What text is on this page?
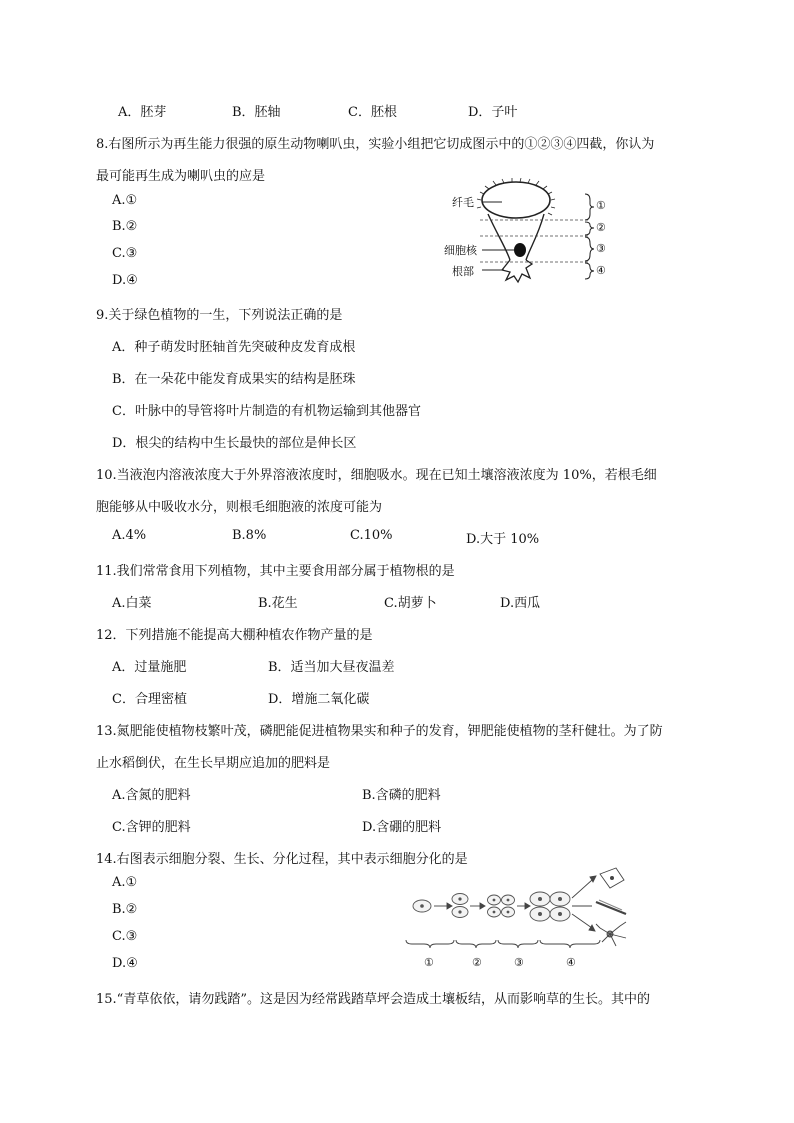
A．胚芽	B．胚轴	C．胚根	D．子叶
8.右图所示为再生能力很强的原生动物喇叭虫，实验小组把它切成图示中的①②③④四截，你认为
最可能再生成为喇叭虫的应是
A.①
B.②
C.③
D.④
纤毛
细胞核
根部
①
②
③
④
9.关于绿色植物的一生，下列说法正确的是
A．种子萌发时胚轴首先突破种皮发育成根
B．在一朵花中能发育成果实的结构是胚珠
C．叶脉中的导管将叶片制造的有机物运输到其他器官
D．根尖的结构中生长最快的部位是伸长区
10.当液泡内溶液浓度大于外界溶液浓度时，细胞吸水。现在已知土壤溶液浓度为 10%，若根毛细
胞能够从中吸收水分，则根毛细胞液的浓度可能为
A.4%	B.8%	C.10%	D.大于 10%
11.我们常常食用下列植物，其中主要食用部分属于植物根的是
A.白菜	B.花生	C.胡萝卜	D.西瓜
12．下列措施不能提高大棚种植农作物产量的是
A．过量施肥	B．适当加大昼夜温差
C．合理密植	D．增施二氧化碳
13.氮肥能使植物枝繁叶茂，磷肥能促进植物果实和种子的发育，钾肥能使植物的茎秆健壮。为了防
止水稻倒伏，在生长早期应追加的肥料是
A.含氮的肥料	B.含磷的肥料
C.含钾的肥料	D.含硼的肥料
14.右图表示细胞分裂、生长、分化过程，其中表示细胞分化的是
A.①
B.②
C.③
D.④	①	②	③	④
15.“青草依依，请勿践踏”。这是因为经常践踏草坪会造成土壤板结，从而影响草的生长。其中的
